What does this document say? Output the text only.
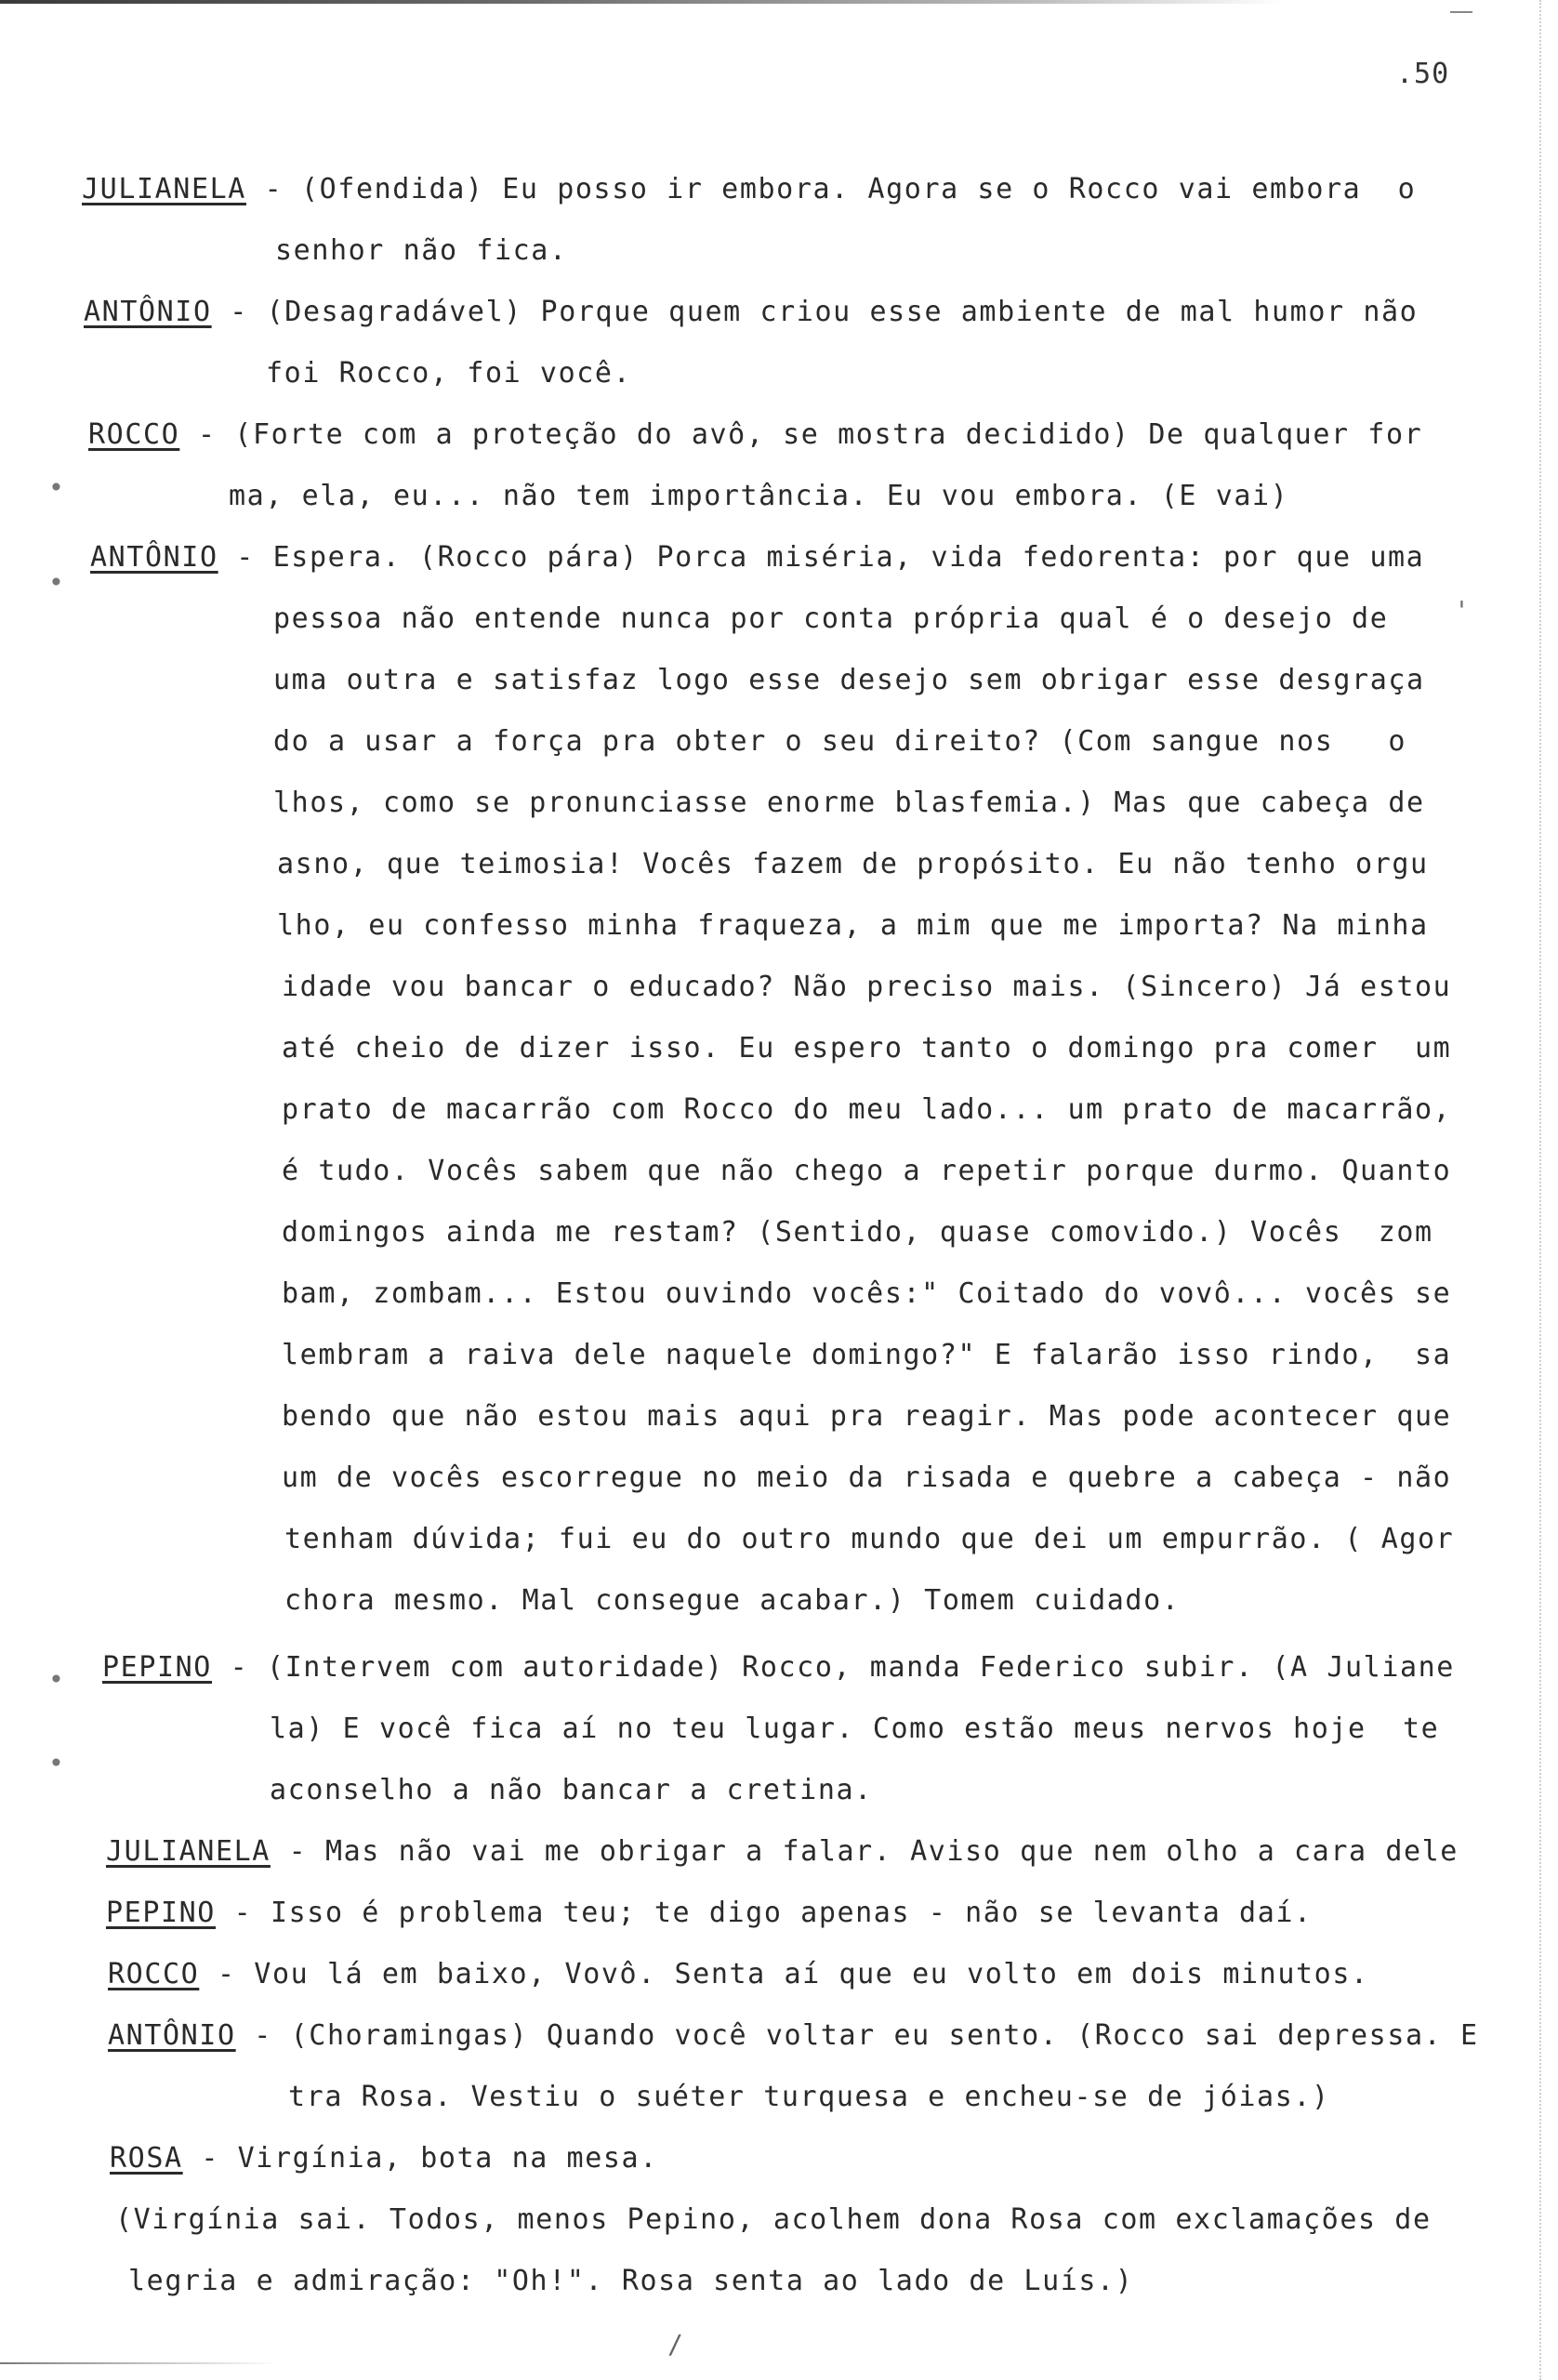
.50
JULIANELA - (Ofendida) Eu posso ir embora. Agora se o Rocco vai embora  o
senhor não fica.
ANTÔNIO - (Desagradável) Porque quem criou esse ambiente de mal humor não
foi Rocco, foi você.
ROCCO - (Forte com a proteção do avô, se mostra decidido) De qualquer for
ma, ela, eu... não tem importância. Eu vou embora. (E vai)
ANTÔNIO - Espera. (Rocco pára) Porca miséria, vida fedorenta: por que uma
pessoa não entende nunca por conta própria qual é o desejo de
uma outra e satisfaz logo esse desejo sem obrigar esse desgraça
do a usar a força pra obter o seu direito? (Com sangue nos   o
lhos, como se pronunciasse enorme blasfemia.) Mas que cabeça de
asno, que teimosia! Vocês fazem de propósito. Eu não tenho orgu
lho, eu confesso minha fraqueza, a mim que me importa? Na minha
idade vou bancar o educado? Não preciso mais. (Sincero) Já estou
até cheio de dizer isso. Eu espero tanto o domingo pra comer  um
prato de macarrão com Rocco do meu lado... um prato de macarrão,
é tudo. Vocês sabem que não chego a repetir porque durmo. Quanto
domingos ainda me restam? (Sentido, quase comovido.) Vocês  zom
bam, zombam... Estou ouvindo vocês:" Coitado do vovô... vocês se
lembram a raiva dele naquele domingo?" E falarão isso rindo,  sa
bendo que não estou mais aqui pra reagir. Mas pode acontecer que
um de vocês escorregue no meio da risada e quebre a cabeça - não
tenham dúvida; fui eu do outro mundo que dei um empurrão. ( Agor
chora mesmo. Mal consegue acabar.) Tomem cuidado.
PEPINO - (Intervem com autoridade) Rocco, manda Federico subir. (A Juliane
la) E você fica aí no teu lugar. Como estão meus nervos hoje  te
aconselho a não bancar a cretina.
JULIANELA - Mas não vai me obrigar a falar. Aviso que nem olho a cara dele
PEPINO - Isso é problema teu; te digo apenas - não se levanta daí.
ROCCO - Vou lá em baixo, Vovô. Senta aí que eu volto em dois minutos.
ANTÔNIO - (Choramingas) Quando você voltar eu sento. (Rocco sai depressa. E
tra Rosa. Vestiu o suéter turquesa e encheu-se de jóias.)
ROSA - Virgínia, bota na mesa.
(Virgínia sai. Todos, menos Pepino, acolhem dona Rosa com exclamações de
legria e admiração: "Oh!". Rosa senta ao lado de Luís.)
•
•
'
•
•
/
